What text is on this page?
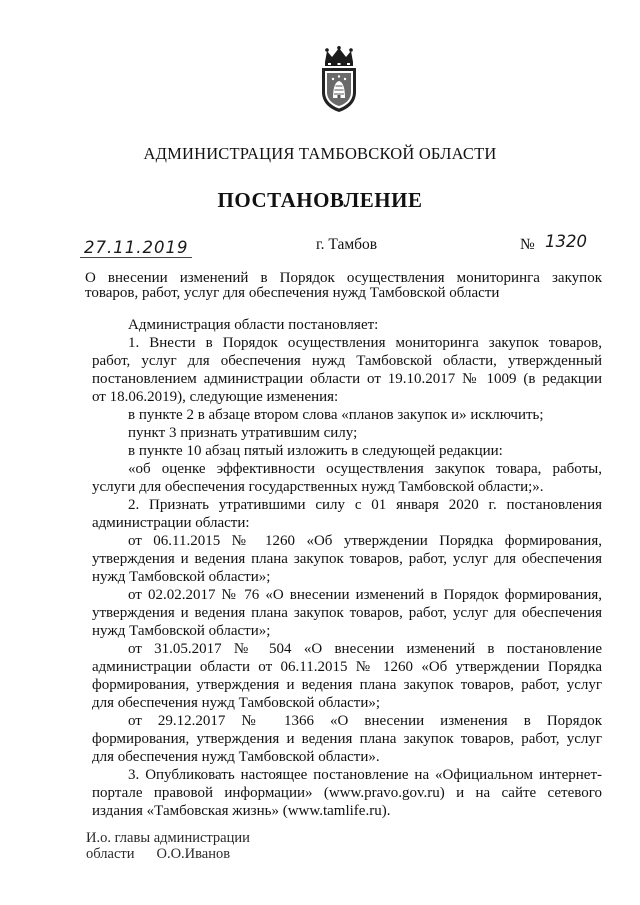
АДМИНИСТРАЦИЯ ТАМБОВСКОЙ ОБЛАСТИ
ПОСТАНОВЛЕНИЕ
27.11.2019	г. Тамбов	№ 1320
О внесении изменений в Порядок осуществления мониторинга закупок
товаров, работ, услуг для обеспечения нужд Тамбовской области
Администрация области постановляет:
1. Внести в Порядок осуществления мониторинга закупок товаров,
работ, услуг для обеспечения нужд Тамбовской области, утвержденный
постановлением администрации области от 19.10.2017 № 1009 (в редакции
от 18.06.2019), следующие изменения:
в пункте 2 в абзаце втором слова «планов закупок и» исключить;
пункт 3 признать утратившим силу;
в пункте 10 абзац пятый изложить в следующей редакции:
«об оценке эффективности осуществления закупок товара, работы,
услуги для обеспечения государственных нужд Тамбовской области;».
2. Признать утратившими силу с 01 января 2020 г. постановления
администрации области:
от 06.11.2015 № 1260 «Об утверждении Порядка формирования,
утверждения и ведения плана закупок товаров, работ, услуг для обеспечения
нужд Тамбовской области»;
от 02.02.2017 № 76 «О внесении изменений в Порядок формирования,
утверждения и ведения плана закупок товаров, работ, услуг для обеспечения
нужд Тамбовской области»;
от 31.05.2017 № 504 «О внесении изменений в постановление
администрации области от 06.11.2015 № 1260 «Об утверждении Порядка
формирования, утверждения и ведения плана закупок товаров, работ, услуг
для обеспечения нужд Тамбовской области»;
от 29.12.2017 № 1366 «О внесении изменения в Порядок
формирования, утверждения и ведения плана закупок товаров, работ, услуг
для обеспечения нужд Тамбовской области».
3. Опубликовать настоящее постановление на «Официальном интернет-
портале правовой информации» (www.pravo.gov.ru) и на сайте сетевого
издания «Тамбовская жизнь» (www.tamlife.ru).
И.о. главы администрации
области О.О.Иванов
